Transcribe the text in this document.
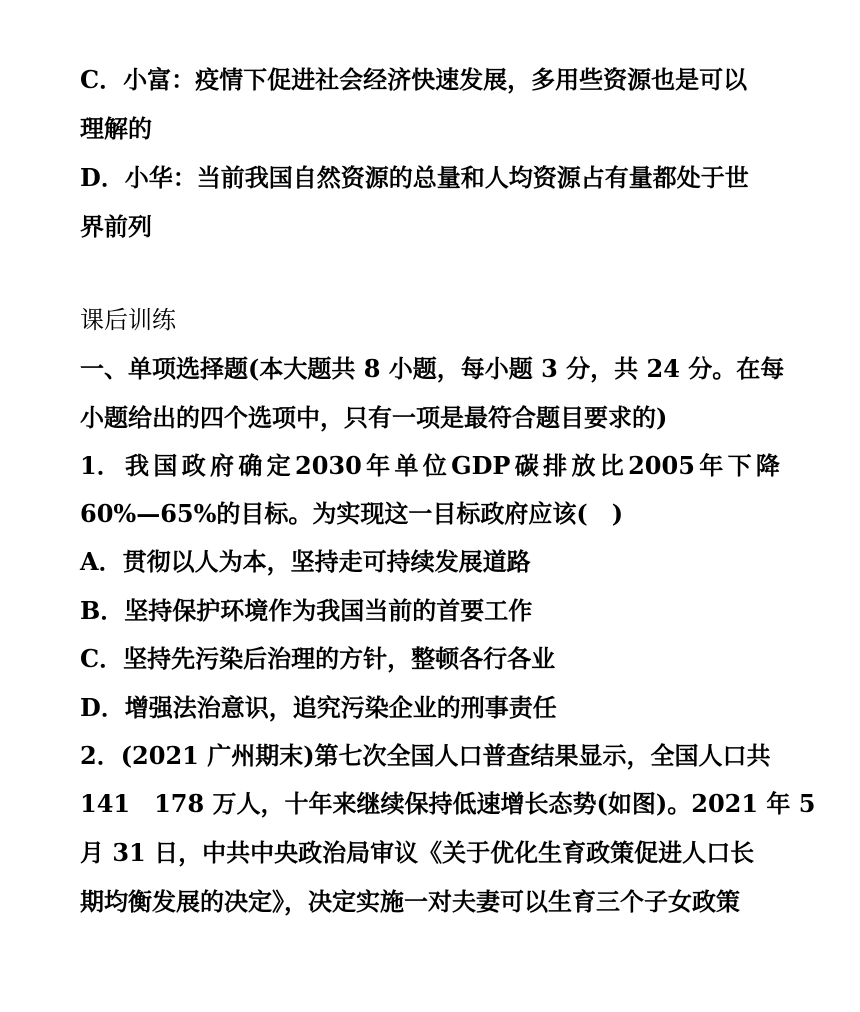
C．小富：疫情下促进社会经济快速发展，多用些资源也是可以
理解的
D．小华：当前我国自然资源的总量和人均资源占有量都处于世
界前列
课后训练
一、单项选择题(本大题共 8 小题，每小题 3 分，共 24 分。在每
小题给出的四个选项中，只有一项是最符合题目要求的)
1． 我 国 政 府 确 定 2030 年 单 位 GDP 碳 排 放 比 2005 年 下 降
60%—65%的目标。为实现这一目标政府应该(　)
A．贯彻以人为本，坚持走可持续发展道路
B．坚持保护环境作为我国当前的首要工作
C．坚持先污染后治理的方针，整顿各行各业
D．增强法治意识，追究污染企业的刑事责任
2．(2021 广州期末)第七次全国人口普查结果显示，全国人口共
141　178 万人，十年来继续保持低速增长态势(如图)。2021 年 5
月 31 日，中共中央政治局审议《关于优化生育政策促进人口长
期均衡发展的决定》，决定实施一对夫妻可以生育三个子女政策
